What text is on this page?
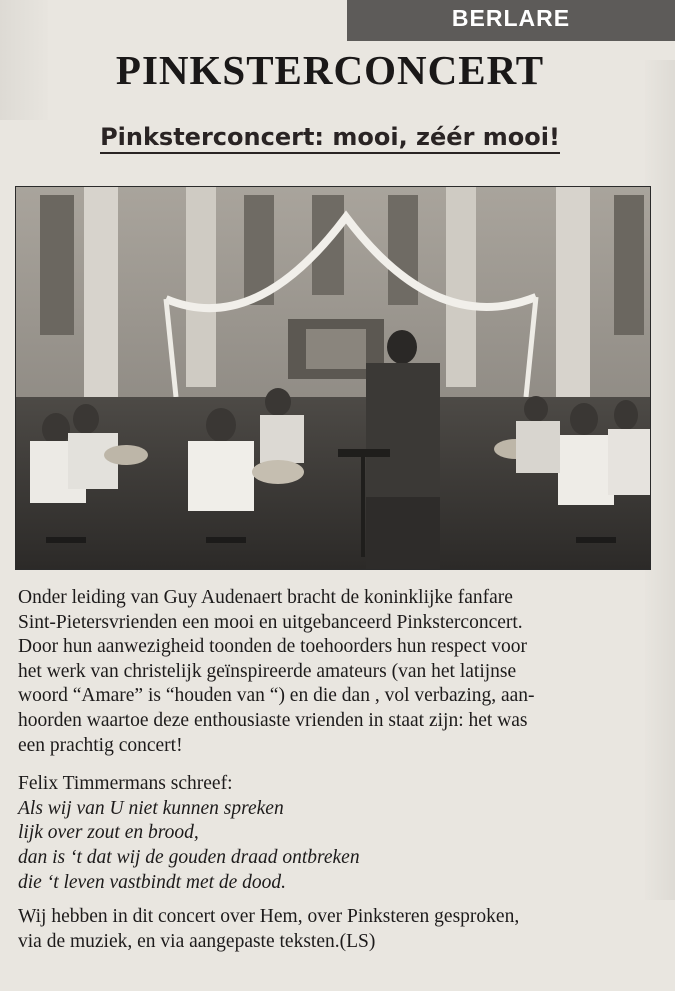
BERLARE
PINKSTERCONCERT
Pinksterconcert: mooi, zéér mooi!
Onder leiding van Guy Audenaert bracht de koninklijke fanfare
Sint-Pietersvrienden een mooi en uitgebanceerd Pinksterconcert.
Door hun aanwezigheid toonden de toehoorders hun respect voor
het werk van christelijk geïnspireerde amateurs (van het latijnse
woord “Amare” is “houden van “) en die dan , vol verbazing, aan-
hoorden waartoe deze enthousiaste vrienden in staat zijn: het was
een prachtig concert!
Felix Timmermans schreef:
Als wij van U niet kunnen spreken
lijk over zout en brood,
dan is ‘t dat wij de gouden draad ontbreken
die ‘t leven vastbindt met de dood.
Wij hebben in dit concert over Hem, over Pinksteren gesproken,
via de muziek, en via aangepaste teksten.(LS)
